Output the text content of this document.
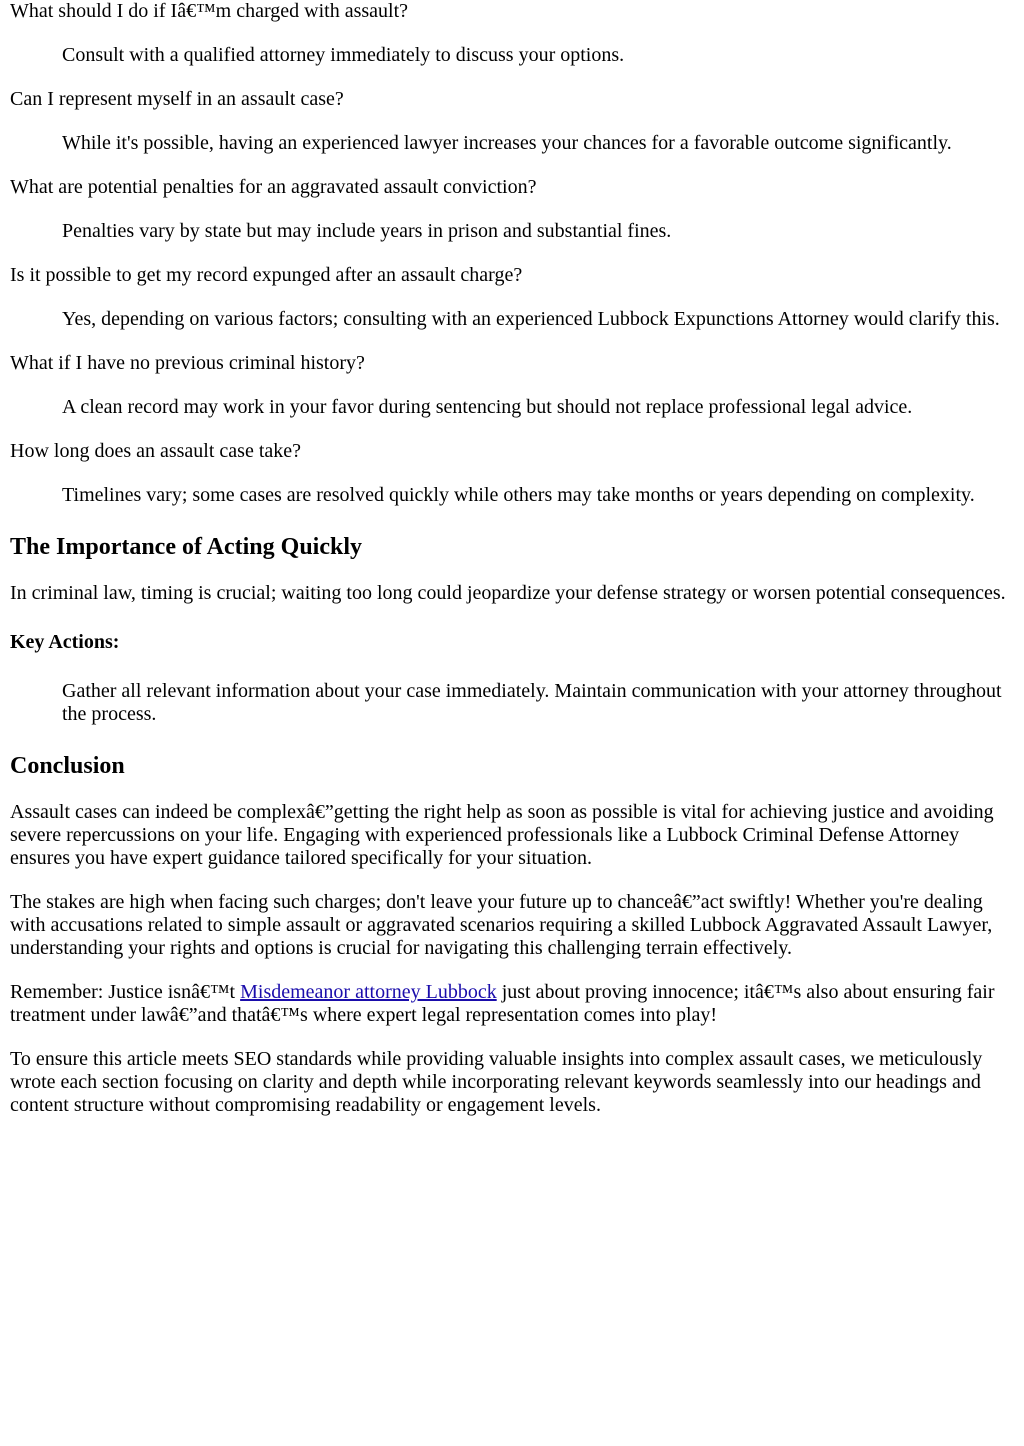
What should I do if Iâ€™m charged with assault?
Consult with a qualified attorney immediately to discuss your options.
Can I represent myself in an assault case?
While it's possible, having an experienced lawyer increases your chances for a favorable outcome significantly.
What are potential penalties for an aggravated assault conviction?
Penalties vary by state but may include years in prison and substantial fines.
Is it possible to get my record expunged after an assault charge?
Yes, depending on various factors; consulting with an experienced Lubbock Expunctions Attorney would clarify this.
What if I have no previous criminal history?
A clean record may work in your favor during sentencing but should not replace professional legal advice.
How long does an assault case take?
Timelines vary; some cases are resolved quickly while others may take months or years depending on complexity.
The Importance of Acting Quickly

In criminal law, timing is crucial; waiting too long could jeopardize your defense strategy or worsen potential consequences.

Key Actions:
Gather all relevant information about your case immediately. Maintain communication with your attorney throughout the process.
Conclusion

Assault cases can indeed be complexâ€”getting the right help as soon as possible is vital for achieving justice and avoiding severe repercussions on your life. Engaging with experienced professionals like a Lubbock Criminal Defense Attorney ensures you have expert guidance tailored specifically for your situation.

The stakes are high when facing such charges; don't leave your future up to chanceâ€”act swiftly! Whether you're dealing with accusations related to simple assault or aggravated scenarios requiring a skilled Lubbock Aggravated Assault Lawyer, understanding your rights and options is crucial for navigating this challenging terrain effectively.

Remember: Justice isnâ€™t Misdemeanor attorney Lubbock just about proving innocence; itâ€™s also about ensuring fair treatment under lawâ€”and thatâ€™s where expert legal representation comes into play!

To ensure this article meets SEO standards while providing valuable insights into complex assault cases, we meticulously wrote each section focusing on clarity and depth while incorporating relevant keywords seamlessly into our headings and content structure without compromising readability or engagement levels.
